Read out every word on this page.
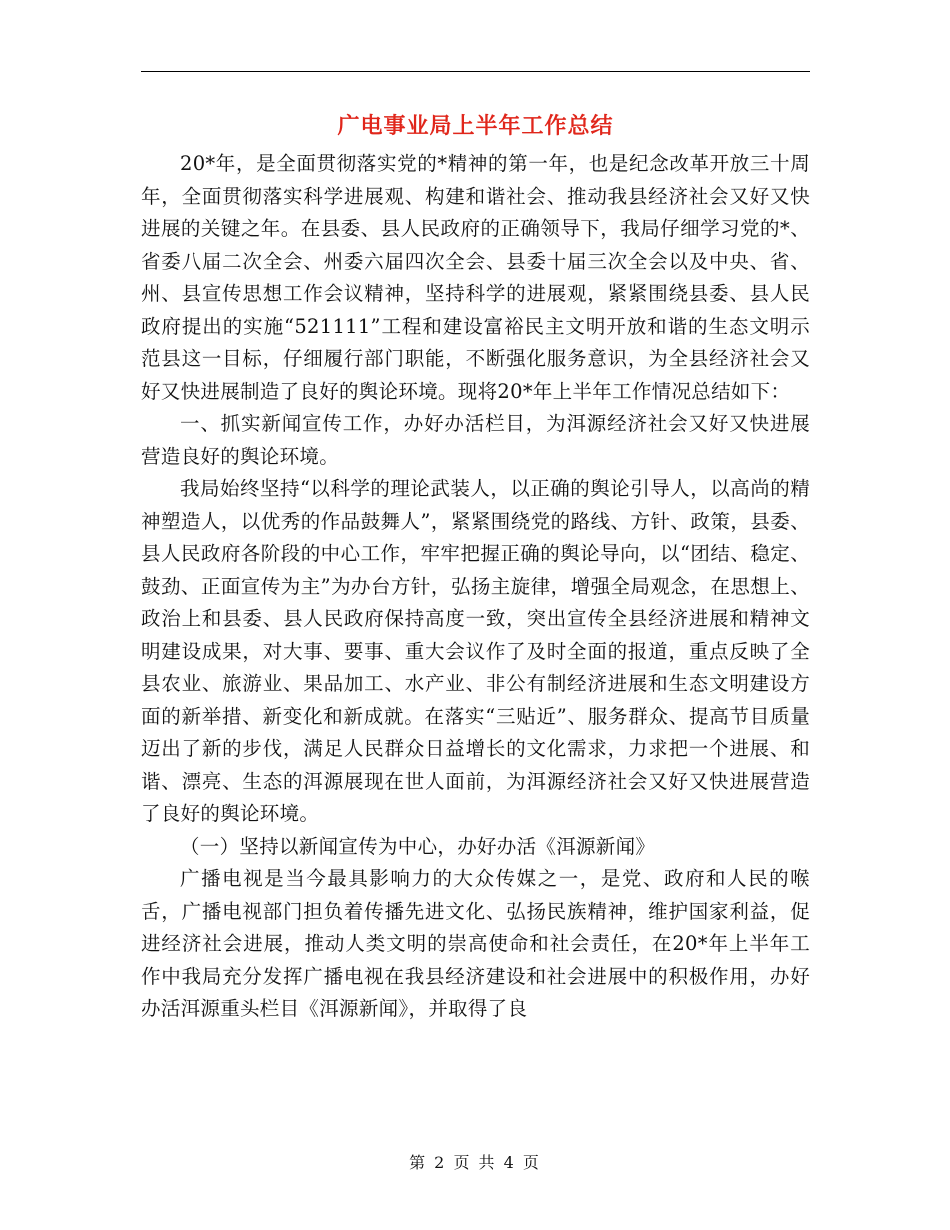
广电事业局上半年工作总结

20*年，是全面贯彻落实党的*精神的第一年，也是纪念改革开放三十周年，全面贯彻落实科学进展观、构建和谐社会、推动我县经济社会又好又快进展的关键之年。在县委、县人民政府的正确领导下，我局仔细学习党的*、省委八届二次全会、州委六届四次全会、县委十届三次全会以及中央、省、州、县宣传思想工作会议精神，坚持科学的进展观，紧紧围绕县委、县人民政府提出的实施“521111”工程和建设富裕民主文明开放和谐的生态文明示范县这一目标，仔细履行部门职能，不断强化服务意识，为全县经济社会又好又快进展制造了良好的舆论环境。现将20*年上半年工作情况总结如下：

一、抓实新闻宣传工作，办好办活栏目，为洱源经济社会又好又快进展营造良好的舆论环境。

我局始终坚持“以科学的理论武装人，以正确的舆论引导人，以高尚的精神塑造人，以优秀的作品鼓舞人”，紧紧围绕党的路线、方针、政策，县委、县人民政府各阶段的中心工作，牢牢把握正确的舆论导向，以“团结、稳定、鼓劲、正面宣传为主”为办台方针，弘扬主旋律，增强全局观念，在思想上、政治上和县委、县人民政府保持高度一致，突出宣传全县经济进展和精神文明建设成果，对大事、要事、重大会议作了及时全面的报道，重点反映了全县农业、旅游业、果品加工、水产业、非公有制经济进展和生态文明建设方面的新举措、新变化和新成就。在落实“三贴近”、服务群众、提高节目质量迈出了新的步伐，满足人民群众日益增长的文化需求，力求把一个进展、和谐、漂亮、生态的洱源展现在世人面前，为洱源经济社会又好又快进展营造了良好的舆论环境。

（一）坚持以新闻宣传为中心，办好办活《洱源新闻》

广播电视是当今最具影响力的大众传媒之一，是党、政府和人民的喉舌，广播电视部门担负着传播先进文化、弘扬民族精神，维护国家利益，促进经济社会进展，推动人类文明的崇高使命和社会责任，在20*年上半年工作中我局充分发挥广播电视在我县经济建设和社会进展中的积极作用，办好办活洱源重头栏目《洱源新闻》，并取得了良

第 2 页 共 4 页
